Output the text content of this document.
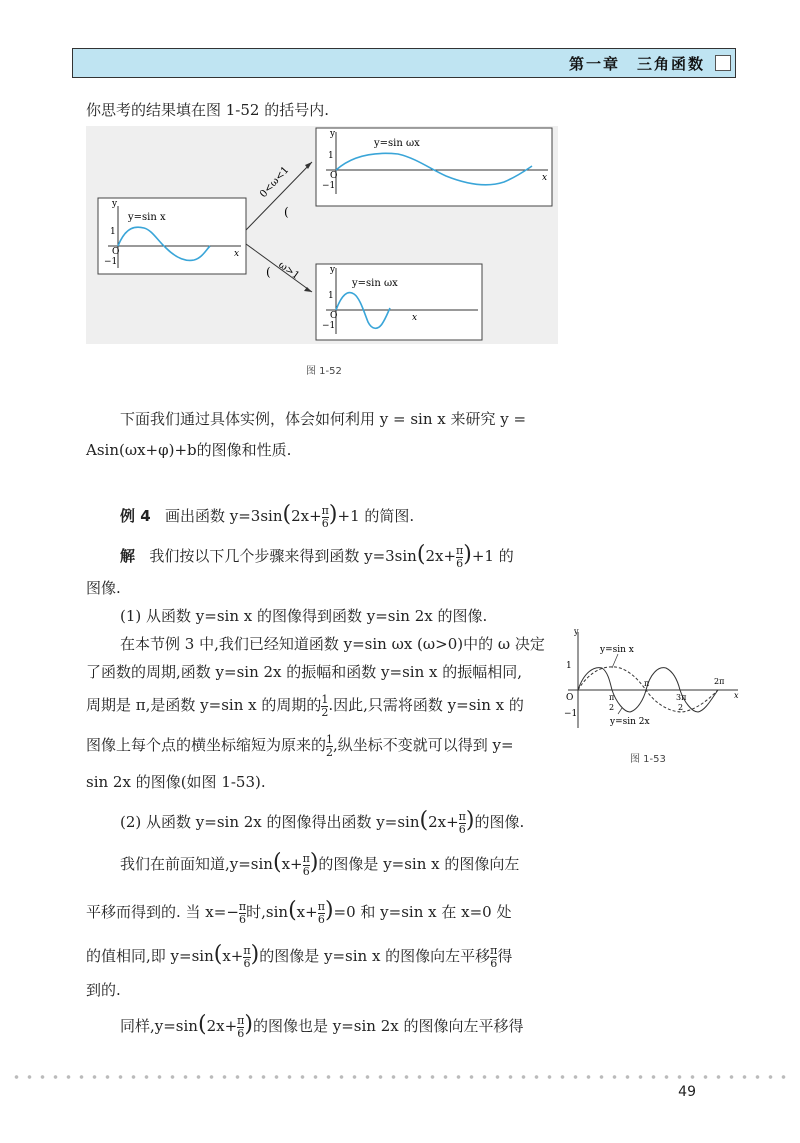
第一章　三角函数
你思考的结果填在图 1-52 的括号内.
y=sin x
y
1
O
−1
x
y=sin ωx
y
1
O
−1
x
y=sin ωx
y
1
O
−1
x
0<ω<1
(
ω>1
(
图 1-52
下面我们通过具体实例，体会如何利用 y = sin x 来研究 y =
Asin(ωx+φ)+b的图像和性质.
例 4 画出函数 $y=3\sin(2x+ \frac{\pi}{6} )+1$ 的简图.
解 我们按以下几个步骤来得到函数 $y=3\sin(2x+ \frac{\pi}{6} )+1$ 的
图像.
(1) 从函数 y=sin x 的图像得到函数 y=sin 2x 的图像.
在本节例 3 中,我们已经知道函数 y=sin ωx (ω>0)中的 ω 决定
了函数的周期,函数 y=sin 2x 的振幅和函数 y=sin x 的振幅相同,
周期是 π,是函数 y=sin x 的周期的 $\frac{1}{2}$ .因此,只需将函数 y=sin x 的
图像上每个点的横坐标缩短为原来的 $\frac{1}{2}$ ,纵坐标不变就可以得到 y=
sin 2x 的图像(如图 1-53).
y=sin x
y=sin 2x
y
1
O
−1
π
2
π
3π
2
2π
x
图 1-53
(2) 从函数 y=sin 2x 的图像得出函数 $y=\sin(2x+ \frac{\pi}{6}$ )的图像.
我们在前面知道$,y=\sin(x+ \frac{\pi}{6}$ )的图像是 y=sin x 的图像向左
平移而得到的. 当 $x=- \frac{\pi}{6}$ 时$,\sin(x+ \frac{\pi}{6} )=0$ 和 y=sin x 在 x=0 处
的值相同,即 $y=\sin(x+ \frac{\pi}{6}$ )的图像是 y=sin x 的图像向左平移 $\frac{\pi}{6}$ 得
到的.
同样$,y=\sin(2x+ \frac{\pi}{6}$ )的图像也是 y=sin 2x 的图像向左平移得
49
